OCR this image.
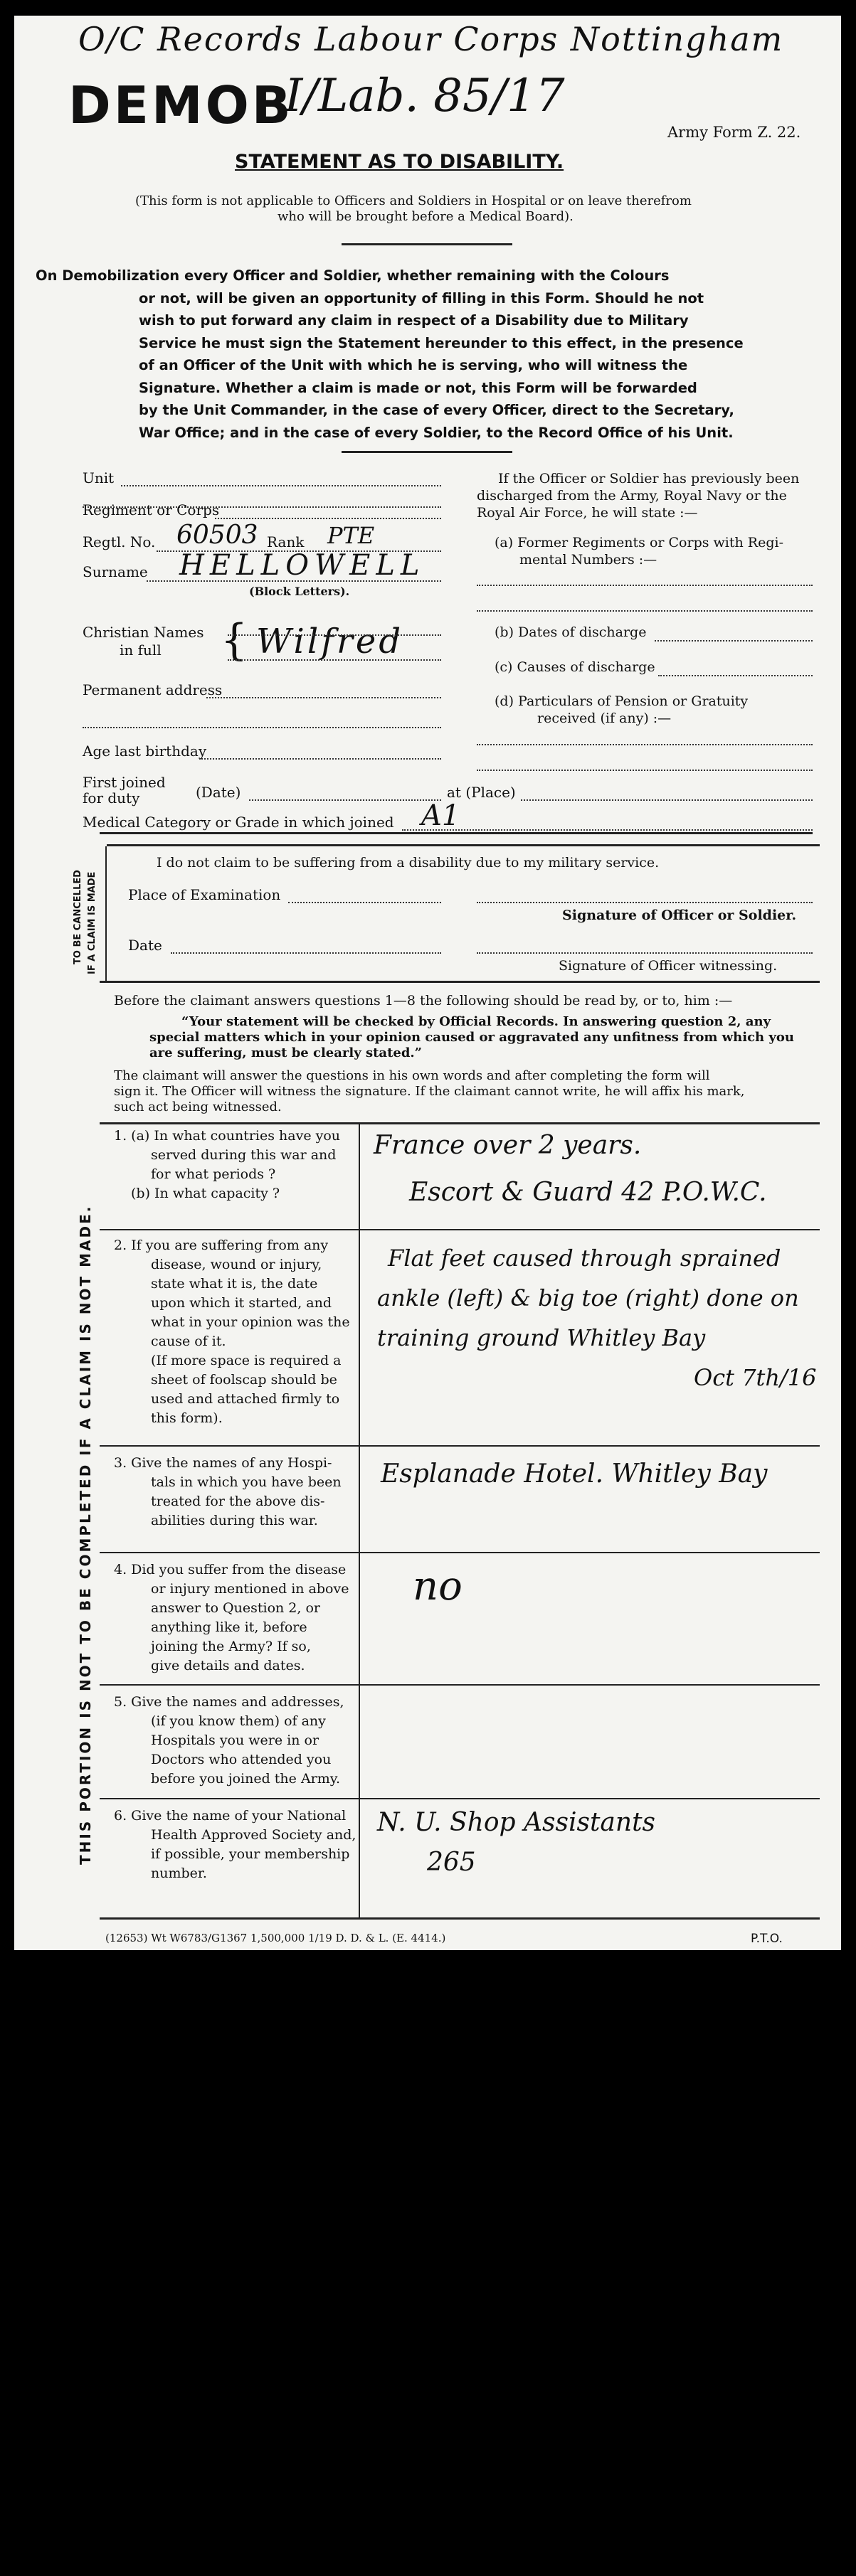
O/C Records Labour Corps Nottingham
DEMOB
I/Lab. 85/17
Army Form Z. 22.
STATEMENT AS TO DISABILITY.
(This form is not applicable to Officers and Soldiers in Hospital or on leave therefrom
who will be brought before a Medical Board).
On Demobilization every Officer and Soldier, whether remaining with the Colours
or not, will be given an opportunity of filling in this Form. Should he not
wish to put forward any claim in respect of a Disability due to Military
Service he must sign the Statement hereunder to this effect, in the presence
of an Officer of the Unit with which he is serving, who will witness the
Signature. Whether a claim is made or not, this Form will be forwarded
by the Unit Commander, in the case of every Officer, direct to the Secretary,
War Office; and in the case of every Soldier, to the Record Office of his Unit.
Unit
Regiment or Corps
Regtl. No. 60503 Rank PTE
Surname HELLOWELL
(Block Letters).
Christian Names
in full { Wilfred
Permanent address
Age last birthday
First joined
for duty	(Date)	at (Place)
Medical Category or Grade in which joined A1
If the Officer or Soldier has previously been
discharged from the Army, Royal Navy or the
Royal Air Force, he will state :—
(a) Former Regiments or Corps with Regi-
mental Numbers :—
(b) Dates of discharge
(c) Causes of discharge
(d) Particulars of Pension or Gratuity
received (if any) :—
TO BE CANCELLED IF A CLAIM IS MADE
I do not claim to be suffering from a disability due to my military service.
Place of Examination
Signature of Officer or Soldier.
Date
Signature of Officer witnessing.
Before the claimant answers questions 1—8 the following should be read by, or to, him :—
“Your statement will be checked by Official Records. In answering question 2, any
special matters which in your opinion caused or aggravated any unfitness from which you
are suffering, must be clearly stated.”
The claimant will answer the questions in his own words and after completing the form will
sign it. The Officer will witness the signature. If the claimant cannot write, he will affix his mark,
such act being witnessed.
THIS PORTION IS NOT TO BE COMPLETED IF A CLAIM IS NOT MADE.
1. (a) In what countries have you
served during this war and
for what periods ?
(b) In what capacity ?
France over 2 years.
Escort & Guard 42 P.O.W.C.
2. If you are suffering from any
disease, wound or injury,
state what it is, the date
upon which it started, and
what in your opinion was the
cause of it.
(If more space is required a
sheet of foolscap should be
used and attached firmly to
this form).
Flat feet caused through sprained
ankle (left) & big toe (right) done on
training ground Whitley Bay
Oct 7th/16
3. Give the names of any Hospi-
tals in which you have been
treated for the above dis-
abilities during this war.
Esplanade Hotel. Whitley Bay
4. Did you suffer from the disease
or injury mentioned in above
answer to Question 2, or
anything like it, before
joining the Army? If so,
give details and dates.
no
5. Give the names and addresses,
(if you know them) of any
Hospitals you were in or
Doctors who attended you
before you joined the Army.
6. Give the name of your National
Health Approved Society and,
if possible, your membership
number.
N. U. Shop Assistants
265
(12653) Wt W6783/G1367 1,500,000 1/19 D. D. & L. (E. 4414.)	P.T.O.
